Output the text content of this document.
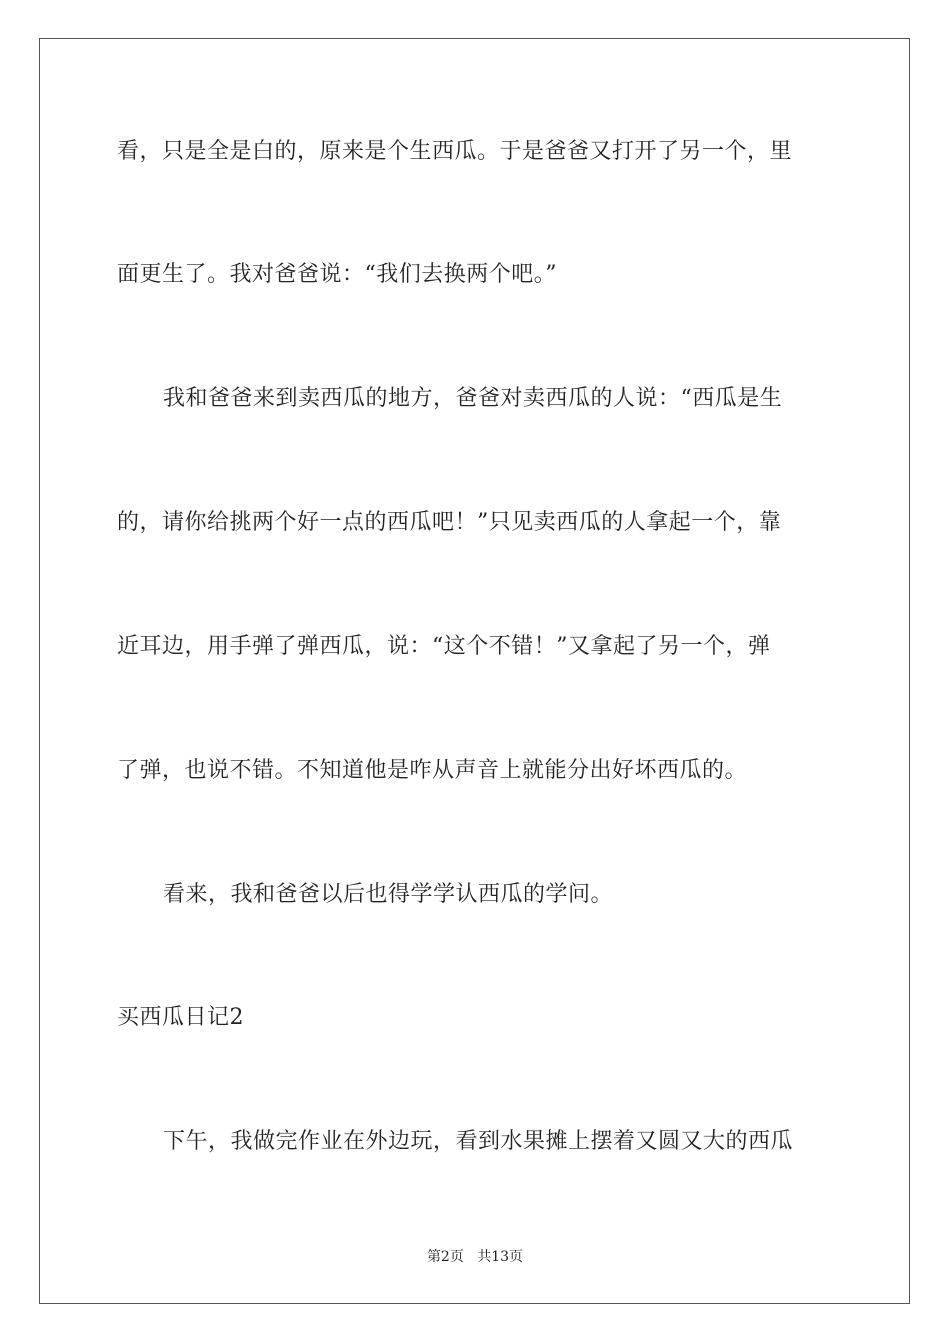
看，只是全是白的，原来是个生西瓜。于是爸爸又打开了另一个，里
面更生了。我对爸爸说：“我们去换两个吧。”
我和爸爸来到卖西瓜的地方，爸爸对卖西瓜的人说：“西瓜是生
的，请你给挑两个好一点的西瓜吧！”只见卖西瓜的人拿起一个，靠
近耳边，用手弹了弹西瓜，说：“这个不错！”又拿起了另一个，弹
了弹，也说不错。不知道他是咋从声音上就能分出好坏西瓜的。
看来，我和爸爸以后也得学学认西瓜的学问。
买西瓜日记2
下午，我做完作业在外边玩，看到水果摊上摆着又圆又大的西瓜
第2页 共13页
